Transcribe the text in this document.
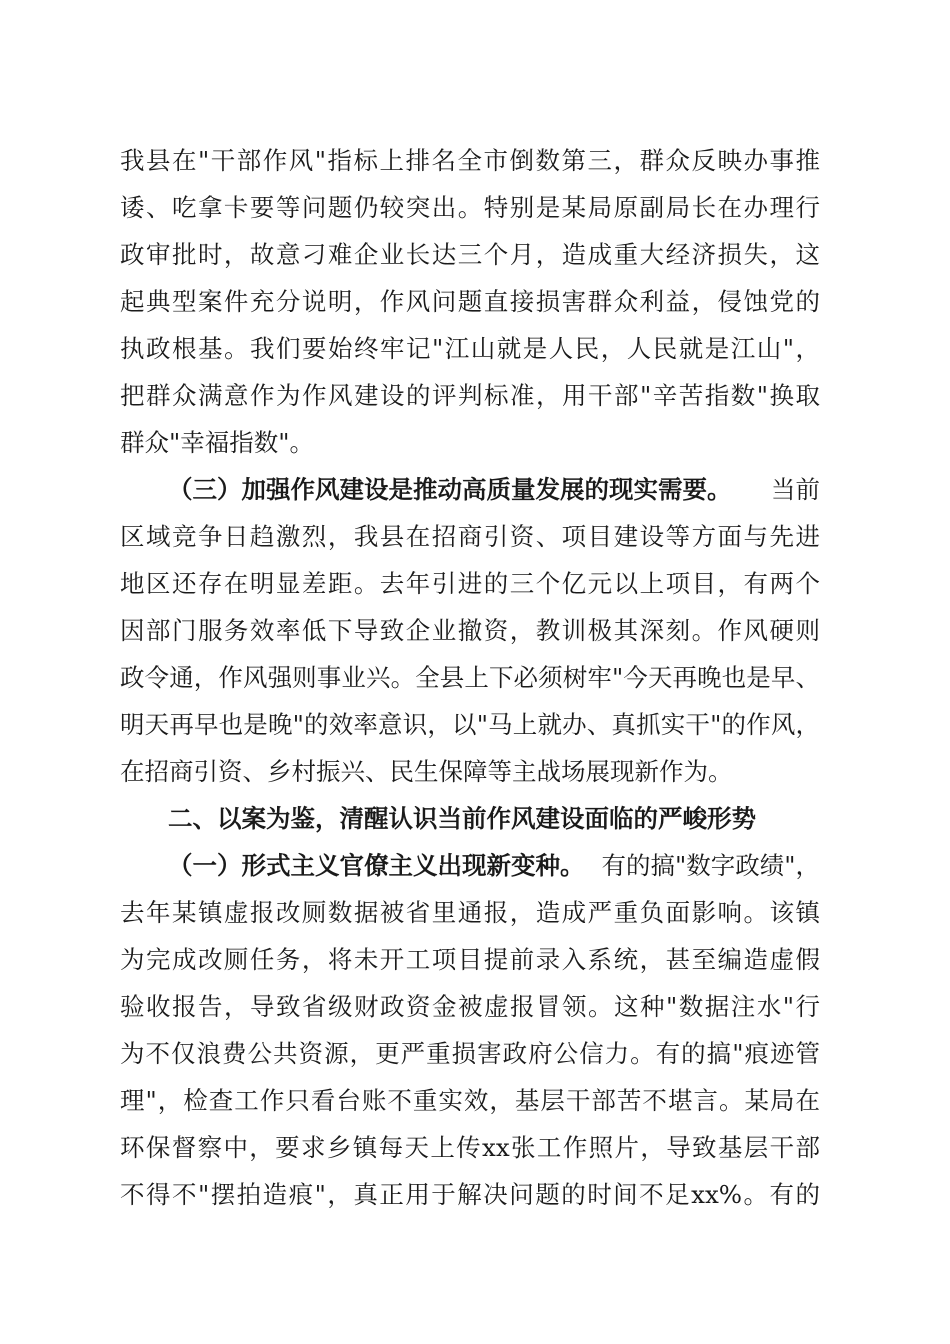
我县在"干部作风"指标上排名全市倒数第三，群众反映办事推
诿、吃拿卡要等问题仍较突出。特别是某局原副局长在办理行
政审批时，故意刁难企业长达三个月，造成重大经济损失，这
起典型案件充分说明，作风问题直接损害群众利益，侵蚀党的
执政根基。我们要始终牢记"江山就是人民，人民就是江山"，
把群众满意作为作风建设的评判标准，用干部"辛苦指数"换取
群众"幸福指数"。
（三）加强作风建设是推动高质量发展的现实需要。 当前
区域竞争日趋激烈，我县在招商引资、项目建设等方面与先进
地区还存在明显差距。去年引进的三个亿元以上项目，有两个
因部门服务效率低下导致企业撤资，教训极其深刻。作风硬则
政令通，作风强则事业兴。全县上下必须树牢"今天再晚也是早、
明天再早也是晚"的效率意识，以"马上就办、真抓实干"的作风，
在招商引资、乡村振兴、民生保障等主战场展现新作为。
二、以案为鉴，清醒认识当前作风建设面临的严峻形势
（一）形式主义官僚主义出现新变种。 有的搞"数字政绩"，
去年某镇虚报改厕数据被省里通报，造成严重负面影响。该镇
为完成改厕任务，将未开工项目提前录入系统，甚至编造虚假
验收报告，导致省级财政资金被虚报冒领。这种"数据注水"行
为不仅浪费公共资源，更严重损害政府公信力。有的搞"痕迹管
理"，检查工作只看台账不重实效，基层干部苦不堪言。某局在
环保督察中，要求乡镇每天上传xx张工作照片，导致基层干部
不得不"摆拍造痕"，真正用于解决问题的时间不足xx%。有的
